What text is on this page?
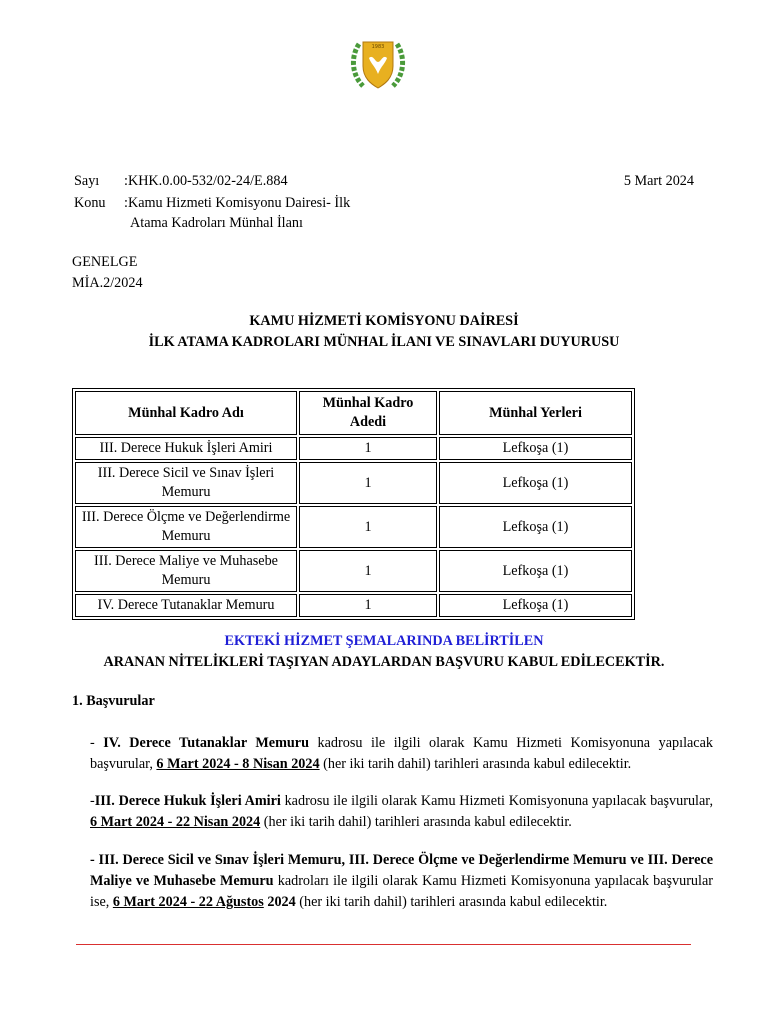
1983
Sayı	:KHK.0.00-532/02-24/E.884	5 Mart 2024
Konu	:Kamu Hizmeti Komisyonu Dairesi- İlk
Atama Kadroları Münhal İlanı
GENELGE
MİA.2/2024
KAMU HİZMETİ KOMİSYONU DAİRESİ
İLK ATAMA KADROLARI MÜNHAL İLANI VE SINAVLARI DUYURUSU
Münhal Kadro Adı	Münhal Kadro Adedi	Münhal Yerleri
III. Derece Hukuk İşleri Amiri	1	Lefkoşa (1)
III. Derece Sicil ve Sınav İşleri Memuru	1	Lefkoşa (1)
III. Derece Ölçme ve Değerlendirme Memuru	1	Lefkoşa (1)
III. Derece Maliye ve Muhasebe Memuru	1	Lefkoşa (1)
IV. Derece Tutanaklar Memuru	1	Lefkoşa (1)
EKTEKİ HİZMET ŞEMALARINDA BELİRTİLEN
ARANAN NİTELİKLERİ TAŞIYAN ADAYLARDAN BAŞVURU KABUL EDİLECEKTİR.
1. Başvurular
- IV. Derece Tutanaklar Memuru kadrosu ile ilgili olarak Kamu Hizmeti Komisyonuna yapılacak başvurular, 6 Mart 2024 - 8 Nisan 2024 (her iki tarih dahil) tarihleri arasında kabul edilecektir.
-III. Derece Hukuk İşleri Amiri kadrosu ile ilgili olarak Kamu Hizmeti Komisyonuna yapılacak başvurular, 6 Mart 2024 - 22 Nisan 2024 (her iki tarih dahil) tarihleri arasında kabul edilecektir.
- III. Derece Sicil ve Sınav İşleri Memuru, III. Derece Ölçme ve Değerlendirme Memuru ve III. Derece Maliye ve Muhasebe Memuru kadroları ile ilgili olarak Kamu Hizmeti Komisyonuna yapılacak başvurular ise, 6 Mart 2024 - 22 Ağustos 2024 (her iki tarih dahil) tarihleri arasında kabul edilecektir.
